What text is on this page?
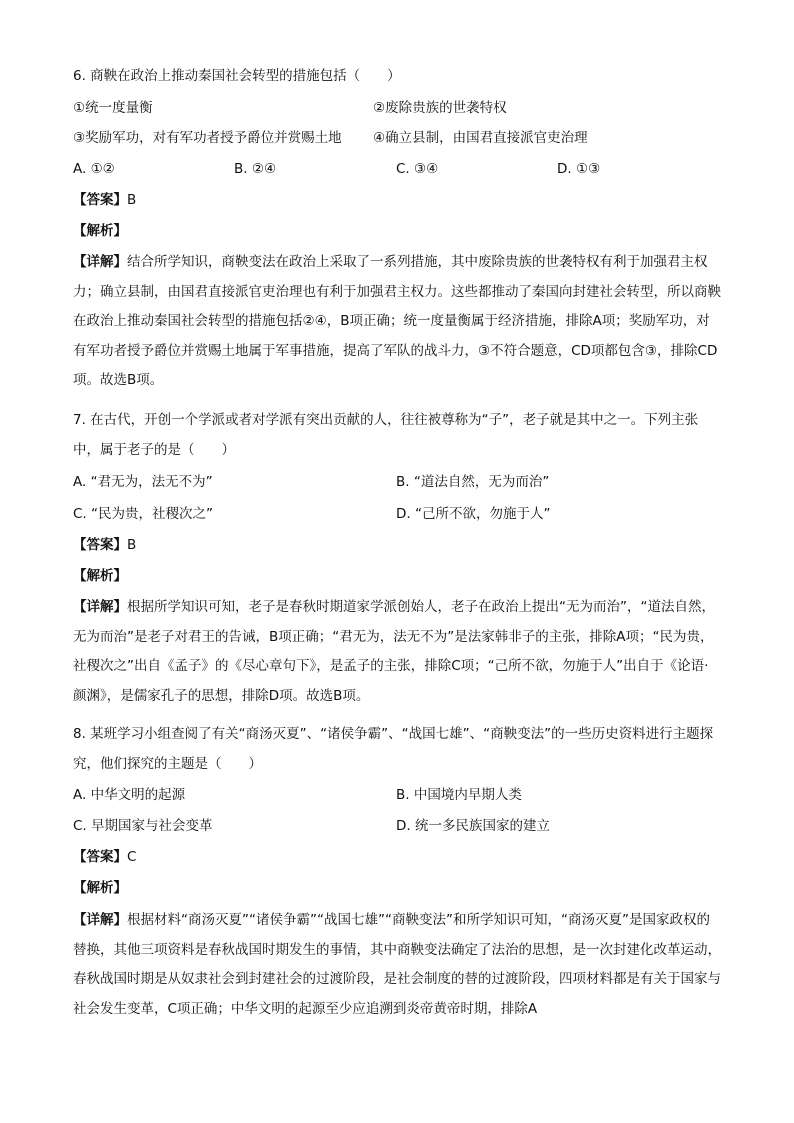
6. 商鞅在政治上推动秦国社会转型的措施包括（　　）
①统一度量衡	②废除贵族的世袭特权
③奖励军功，对有军功者授予爵位并赏赐土地 ④确立县制，由国君直接派官吏治理
A. ①②	B. ②④	C. ③④	D. ①③
【答案】B
【解析】
【详解】结合所学知识，商鞅变法在政治上采取了一系列措施，其中废除贵族的世袭特权有利于加强君主权力；确立县制，由国君直接派官吏治理也有利于加强君主权力。这些都推动了秦国向封建社会转型，所以商鞅在政治上推动秦国社会转型的措施包括②④，B项正确；统一度量衡属于经济措施，排除A项；奖励军功，对有军功者授予爵位并赏赐土地属于军事措施，提高了军队的战斗力，③不符合题意，CD项都包含③，排除CD项。故选B项。
7. 在古代，开创一个学派或者对学派有突出贡献的人，往往被尊称为“子”，老子就是其中之一。下列主张中，属于老子的是（　　）
A. “君无为，法无不为”	B. “道法自然，无为而治”
C. “民为贵，社稷次之”	D. “己所不欲，勿施于人”
【答案】B
【解析】
【详解】根据所学知识可知，老子是春秋时期道家学派创始人，老子在政治上提出“无为而治”，“道法自然，无为而治”是老子对君王的告诫，B项正确；“君无为，法无不为”是法家韩非子的主张，排除A项；“民为贵，社稷次之”出自《孟子》的《尽心章句下》，是孟子的主张，排除C项；“己所不欲，勿施于人”出自于《论语·颜渊》，是儒家孔子的思想，排除D项。故选B项。
8. 某班学习小组查阅了有关“商汤灭夏”、“诸侯争霸”、“战国七雄”、“商鞅变法”的一些历史资料进行主题探究，他们探究的主题是（　　）
A. 中华文明的起源	B. 中国境内早期人类
C. 早期国家与社会变革	D. 统一多民族国家的建立
【答案】C
【解析】
【详解】根据材料“商汤灭夏”“诸侯争霸”“战国七雄”“商鞅变法”和所学知识可知，“商汤灭夏”是国家政权的替换，其他三项资料是春秋战国时期发生的事情，其中商鞅变法确定了法治的思想，是一次封建化改革运动，春秋战国时期是从奴隶社会到封建社会的过渡阶段，是社会制度的替的过渡阶段，四项材料都是有关于国家与社会发生变革，C项正确；中华文明的起源至少应追溯到炎帝黄帝时期，排除A
